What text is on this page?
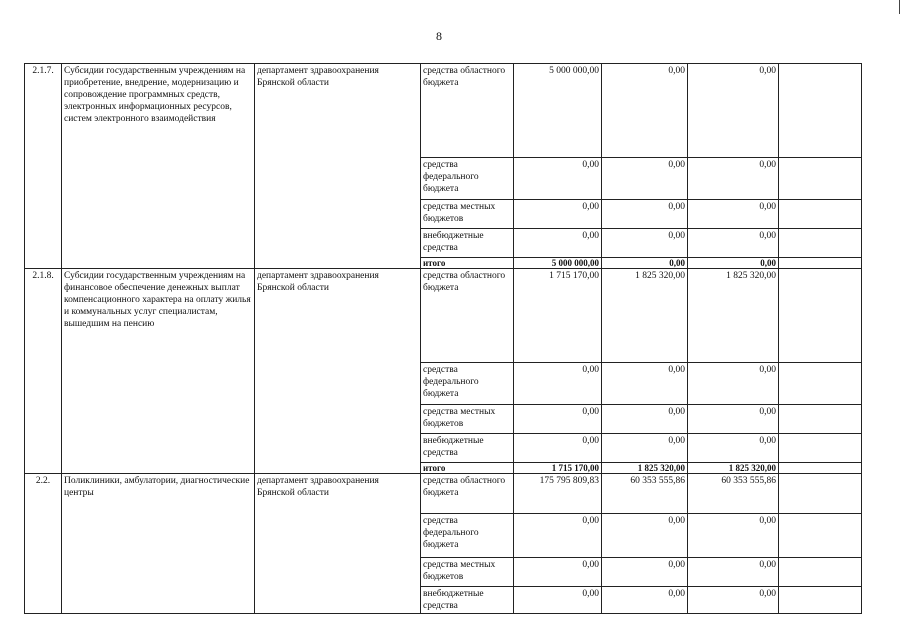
8
2.1.7.	Субсидии государственным учреждениям на приобретение, внедрение, модернизацию и сопровождение программных средств, электронных информационных ресурсов, систем электронного взаимодействия	департамент здравоохранения Брянской области	средства областного бюджета	5 000 000,00	0,00	0,00	
			средства федерального бюджета	0,00	0,00	0,00	
			средства местных бюджетов	0,00	0,00	0,00	
			внебюджетные средства	0,00	0,00	0,00	
			итого	5 000 000,00	0,00	0,00	
2.1.8.	Субсидии государственным учреждениям на финансовое обеспечение денежных выплат компенсационного характера на оплату жилья и коммунальных услуг специалистам, вышедшим на пенсию	департамент здравоохранения Брянской области	средства областного бюджета	1 715 170,00	1 825 320,00	1 825 320,00	
			средства федерального бюджета	0,00	0,00	0,00	
			средства местных бюджетов	0,00	0,00	0,00	
			внебюджетные средства	0,00	0,00	0,00	
			итого	1 715 170,00	1 825 320,00	1 825 320,00	
2.2.	Поликлиники, амбулатории, диагностические центры	департамент здравоохранения Брянской области	средства областного бюджета	175 795 809,83	60 353 555,86	60 353 555,86	
			средства федерального бюджета	0,00	0,00	0,00	
			средства местных бюджетов	0,00	0,00	0,00	
			внебюджетные средства	0,00	0,00	0,00	
